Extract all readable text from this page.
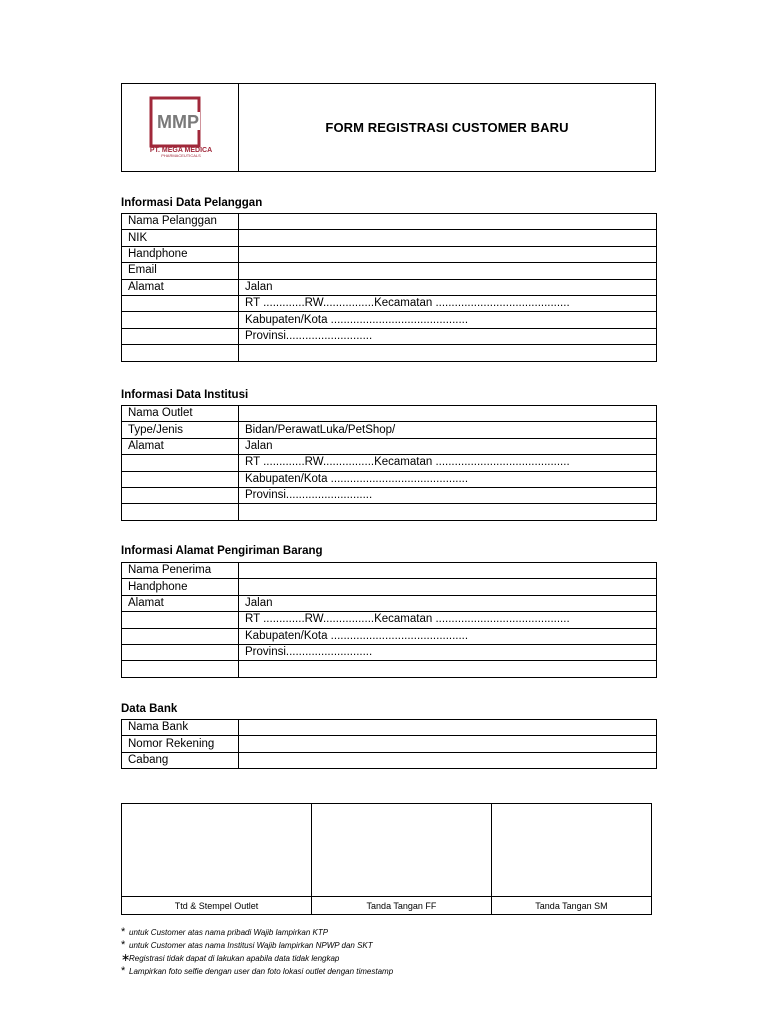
MMP
PT. MEGA MEDICA
PHARMACEUTICALS
FORM REGISTRASI CUSTOMER BARU
Informasi Data Pelanggan
Nama Pelanggan	
NIK	
Handphone	
Email	
Alamat	Jalan
	RT .............RW................Kecamatan ..........................................
	Kabupaten/Kota ...........................................
	Provinsi...........................

Informasi Data Institusi
Nama Outlet	
Type/Jenis	Bidan/PerawatLuka/PetShop/
Alamat	Jalan
	RT .............RW................Kecamatan ..........................................
	Kabupaten/Kota ...........................................
	Provinsi...........................

Informasi Alamat Pengiriman Barang
Nama Penerima	
Handphone	
Alamat	Jalan
	RT .............RW................Kecamatan ..........................................
	Kabupaten/Kota ...........................................
	Provinsi...........................

Data Bank
Nama Bank	
Nomor Rekening	
Cabang	
Ttd & Stempel Outlet	Tanda Tangan FF	Tanda Tangan SM
* untuk Customer atas nama pribadi Wajib lampirkan KTP
* untuk Customer atas nama Institusi Wajib lampirkan NPWP dan SKT
∗Registrasi tidak dapat di lakukan apabila data tidak lengkap
* Lampirkan foto selfie dengan user dan foto lokasi outlet dengan timestamp
